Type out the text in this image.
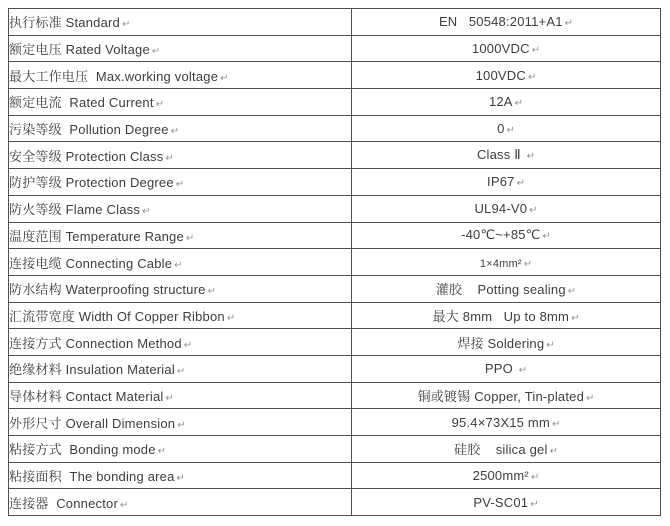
执行标准 Standard ↵	EN   50548:2011+A1 ↵
额定电压 Rated Voltage ↵	1000VDC ↵
最大工作电压  Max.working voltage ↵	100VDC ↵
额定电流  Rated Current ↵	12A ↵
污染等级  Pollution Degree ↵	0 ↵
安全等级 Protection Class ↵	Class Ⅱ ↵
防护等级 Protection Degree ↵	IP67 ↵
防火等级 Flame Class ↵	UL94-V0 ↵
温度范围 Temperature Range ↵	-40℃~+85℃ ↵
连接电缆 Connecting Cable ↵	1×4mm² ↵
防水结构 Waterproofing structure ↵	灌胶    Potting sealing ↵
汇流带宽度 Width Of Copper Ribbon ↵	最大 8mm   Up to 8mm ↵
连接方式 Connection Method ↵	焊接 Soldering ↵
绝缘材料 Insulation Material ↵	PPO ↵
导体材料 Contact Material ↵	铜或镀锡 Copper, Tin-plated ↵
外形尺寸 Overall Dimension ↵	95.4×73X15 mm ↵
粘接方式  Bonding mode ↵	硅胶    silica gel ↵
粘接面积  The bonding area ↵	2500mm² ↵
连接器  Connector ↵	PV-SC01 ↵
